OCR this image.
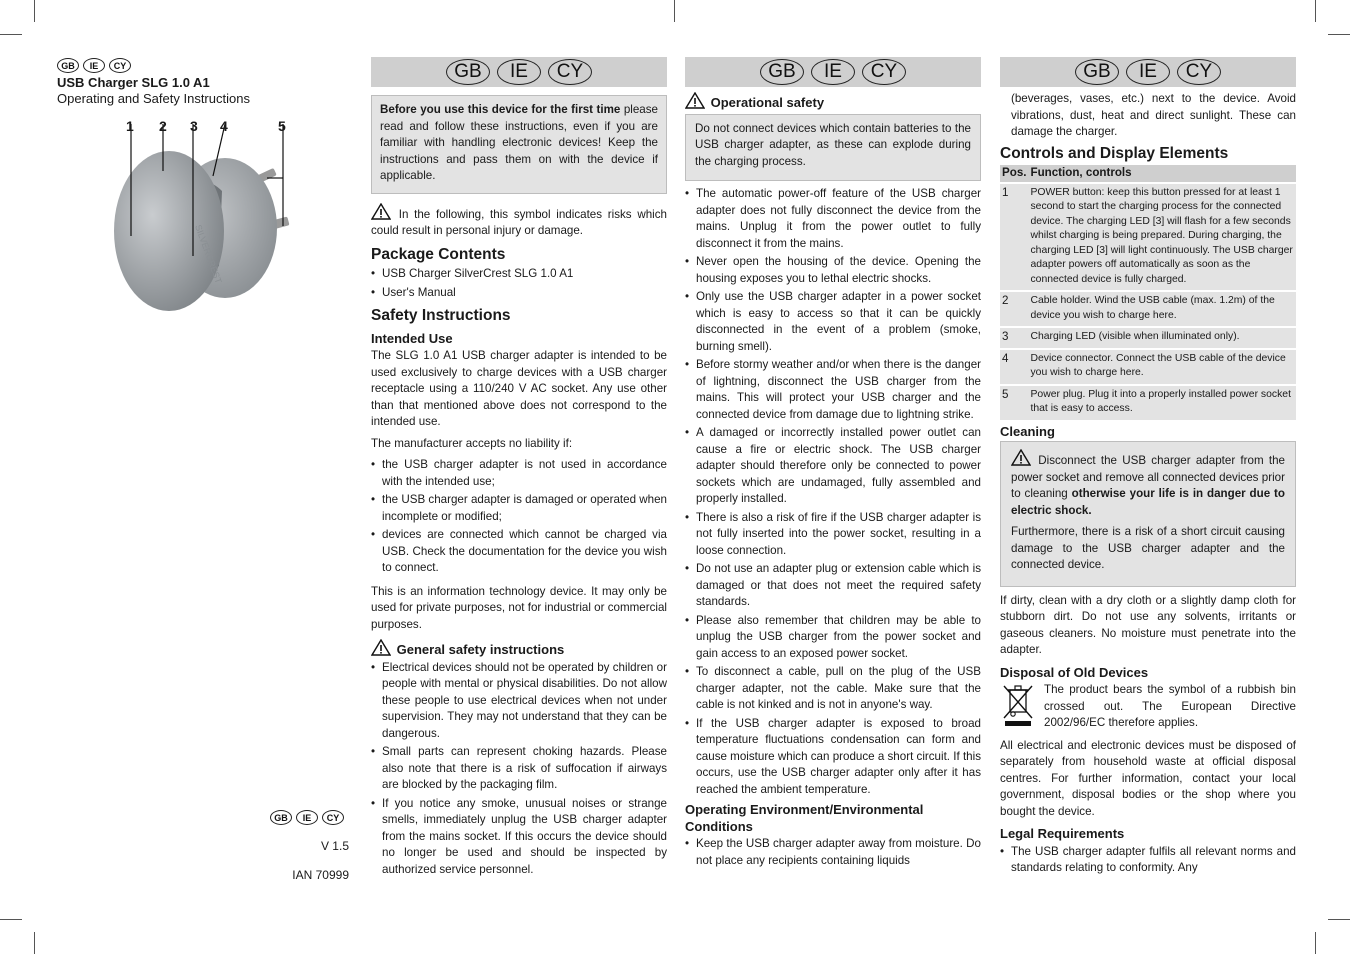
GB	IE	CY
USB Charger SLG 1.0 A1
Operating and Safety Instructions
SILVERCREST
1 2 3 4	5
GB	IE	CY
V 1.5
IAN 70999
GB	IE	CY
Before you use this device for the first time please read and follow these instructions, even if you are familiar with handling electronic devices! Keep the instructions and pass them on with the device if applicable.

In the following, this symbol indicates risks which could result in personal injury or damage.

Package Contents
• USB Charger SilverCrest SLG 1.0 A1
• User's Manual
Safety Instructions
Intended Use

The SLG 1.0 A1 USB charger adapter is intended to be used exclusively to charge devices with a USB charger receptacle using a 110/240 V AC socket. Any use other than that mentioned above does not correspond to the intended use.

The manufacturer accepts no liability if:

• the USB charger adapter is not used in accordance with the intended use;
• the USB charger adapter is damaged or operated when incomplete or modified;
• devices are connected which cannot be charged via USB. Check the documentation for the device you wish to connect.

This is an information technology device. It may only be used for private purposes, not for industrial or commercial purposes.

General safety instructions
• Electrical devices should not be operated by children or people with mental or physical disabilities. Do not allow these people to use electrical devices when not under supervision. They may not understand that they can be dangerous.
• Small parts can represent choking hazards. Please also note that there is a risk of suffocation if airways are blocked by the packaging film.
• If you notice any smoke, unusual noises or strange smells, immediately unplug the USB charger adapter from the mains socket. If this occurs the device should no longer be used and should be inspected by authorized service personnel.
GB	IE	CY
Operational safety
Do not connect devices which contain batteries to the USB charger adapter, as these can explode during the charging process.
• The automatic power-off feature of the USB charger adapter does not fully disconnect the device from the mains. Unplug it from the power outlet to fully disconnect it from the mains.
• Never open the housing of the device. Opening the housing exposes you to lethal electric shocks.
• Only use the USB charger adapter in a power socket which is easy to access so that it can be quickly disconnected in the event of a problem (smoke, burning smell).
• Before stormy weather and/or when there is the danger of lightning, disconnect the USB charger from the mains. This will protect your USB charger and the connected device from damage due to lightning strike.
• A damaged or incorrectly installed power outlet can cause a fire or electric shock. The USB charger adapter should therefore only be connected to power sockets which are undamaged, fully assembled and properly installed.
• There is also a risk of fire if the USB charger adapter is not fully inserted into the power socket, resulting in a loose connection.
• Do not use an adapter plug or extension cable which is damaged or that does not meet the required safety standards.
• Please also remember that children may be able to unplug the USB charger from the power socket and gain access to an exposed power socket.
• To disconnect a cable, pull on the plug of the USB charger adapter, not the cable. Make sure that the cable is not kinked and is not in anyone's way.
• If the USB charger adapter is exposed to broad temperature fluctuations condensation can form and cause moisture which can produce a short circuit. If this occurs, use the USB charger adapter only after it has reached the ambient temperature.
Operating Environment/Environmental Conditions
• Keep the USB charger adapter away from moisture. Do not place any recipients containing liquids
GB	IE	CY

(beverages, vases, etc.) next to the device. Avoid vibrations, dust, heat and direct sunlight. These can damage the charger.

Controls and Display Elements
Pos.	Function, controls
1	POWER button: keep this button pressed for at least 1 second to start the charging process for the connected device. The charging LED [3] will flash for a few seconds whilst charging is being prepared. During charging, the charging LED [3] will light continuously. The USB charger adapter powers off automatically as soon as the connected device is fully charged.
2	Cable holder. Wind the USB cable (max. 1.2m) of the device you wish to charge here.
3	Charging LED (visible when illuminated only).
4	Device connector. Connect the USB cable of the device you wish to charge here.
5	Power plug. Plug it into a properly installed power socket that is easy to access.
Cleaning

Disconnect the USB charger adapter from the power socket and remove all connected devices prior to cleaning otherwise your life is in danger due to electric shock.

Furthermore, there is a risk of a short circuit causing damage to the USB charger adapter and the connected device.

If dirty, clean with a dry cloth or a slightly damp cloth for stubborn dirt. Do not use any solvents, irritants or gaseous cleaners. No moisture must penetrate into the adapter.

Disposal of Old Devices
The product bears the symbol of a rubbish bin crossed out. The European Directive 2002/96/EC therefore applies.

All electrical and electronic devices must be disposed of separately from household waste at official disposal centres. For further information, contact your local government, disposal bodies or the shop where you bought the device.

Legal Requirements
• The USB charger adapter fulfils all relevant norms and standards relating to conformity. Any
